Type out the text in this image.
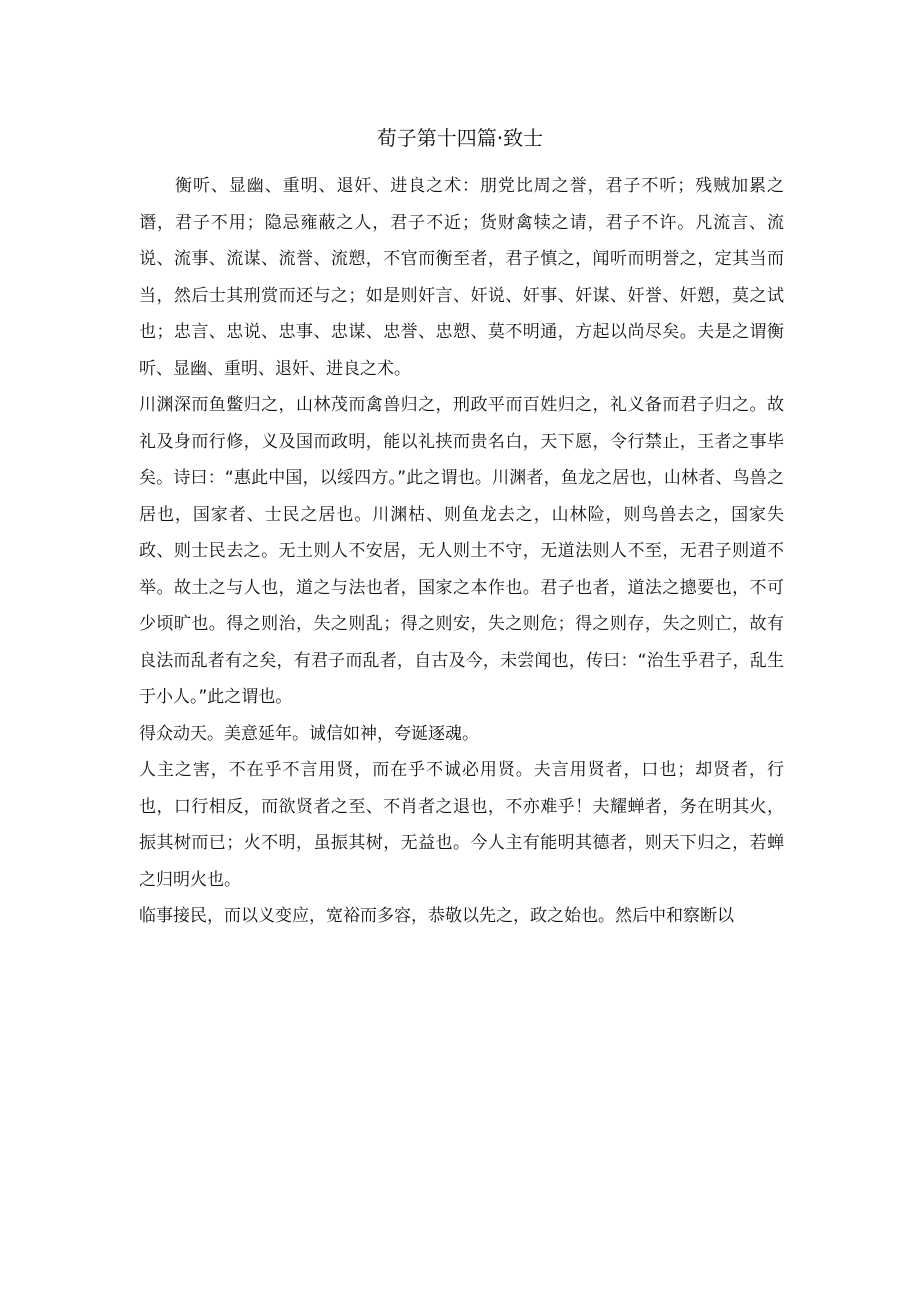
荀子第十四篇·致士

衡听、显幽、重明、退奸、进良之术：朋党比周之誉，君子不听；残贼加累之谮，君子不用；隐忌雍蔽之人，君子不近；货财禽犊之请，君子不许。凡流言、流说、流事、流谋、流誉、流愬，不官而衡至者，君子慎之，闻听而明誉之，定其当而当，然后士其刑赏而还与之；如是则奸言、奸说、奸事、奸谋、奸誉、奸愬，莫之试也；忠言、忠说、忠事、忠谋、忠誉、忠愬、莫不明通，方起以尚尽矣。夫是之谓衡听、显幽、重明、退奸、进良之术。

川渊深而鱼鳖归之，山林茂而禽兽归之，刑政平而百姓归之，礼义备而君子归之。故礼及身而行修，义及国而政明，能以礼挟而贵名白，天下愿，令行禁止，王者之事毕矣。诗曰：“惠此中国，以绥四方。”此之谓也。川渊者，鱼龙之居也，山林者、鸟兽之居也，国家者、士民之居也。川渊枯、则鱼龙去之，山林险，则鸟兽去之，国家失政、则士民去之。无土则人不安居，无人则土不守，无道法则人不至，无君子则道不举。故土之与人也，道之与法也者，国家之本作也。君子也者，道法之摠要也，不可少顷旷也。得之则治，失之则乱；得之则安，失之则危；得之则存，失之则亡，故有良法而乱者有之矣，有君子而乱者，自古及今，未尝闻也，传曰：“治生乎君子，乱生于小人。”此之谓也。

得众动天。美意延年。诚信如神，夸诞逐魂。

人主之害，不在乎不言用贤，而在乎不诚必用贤。夫言用贤者，口也；却贤者，行也，口行相反，而欲贤者之至、不肖者之退也，不亦难乎！夫耀蝉者，务在明其火，振其树而已；火不明，虽振其树，无益也。今人主有能明其德者，则天下归之，若蝉之归明火也。

临事接民，而以义变应，宽裕而多容，恭敬以先之，政之始也。然后中和察断以
